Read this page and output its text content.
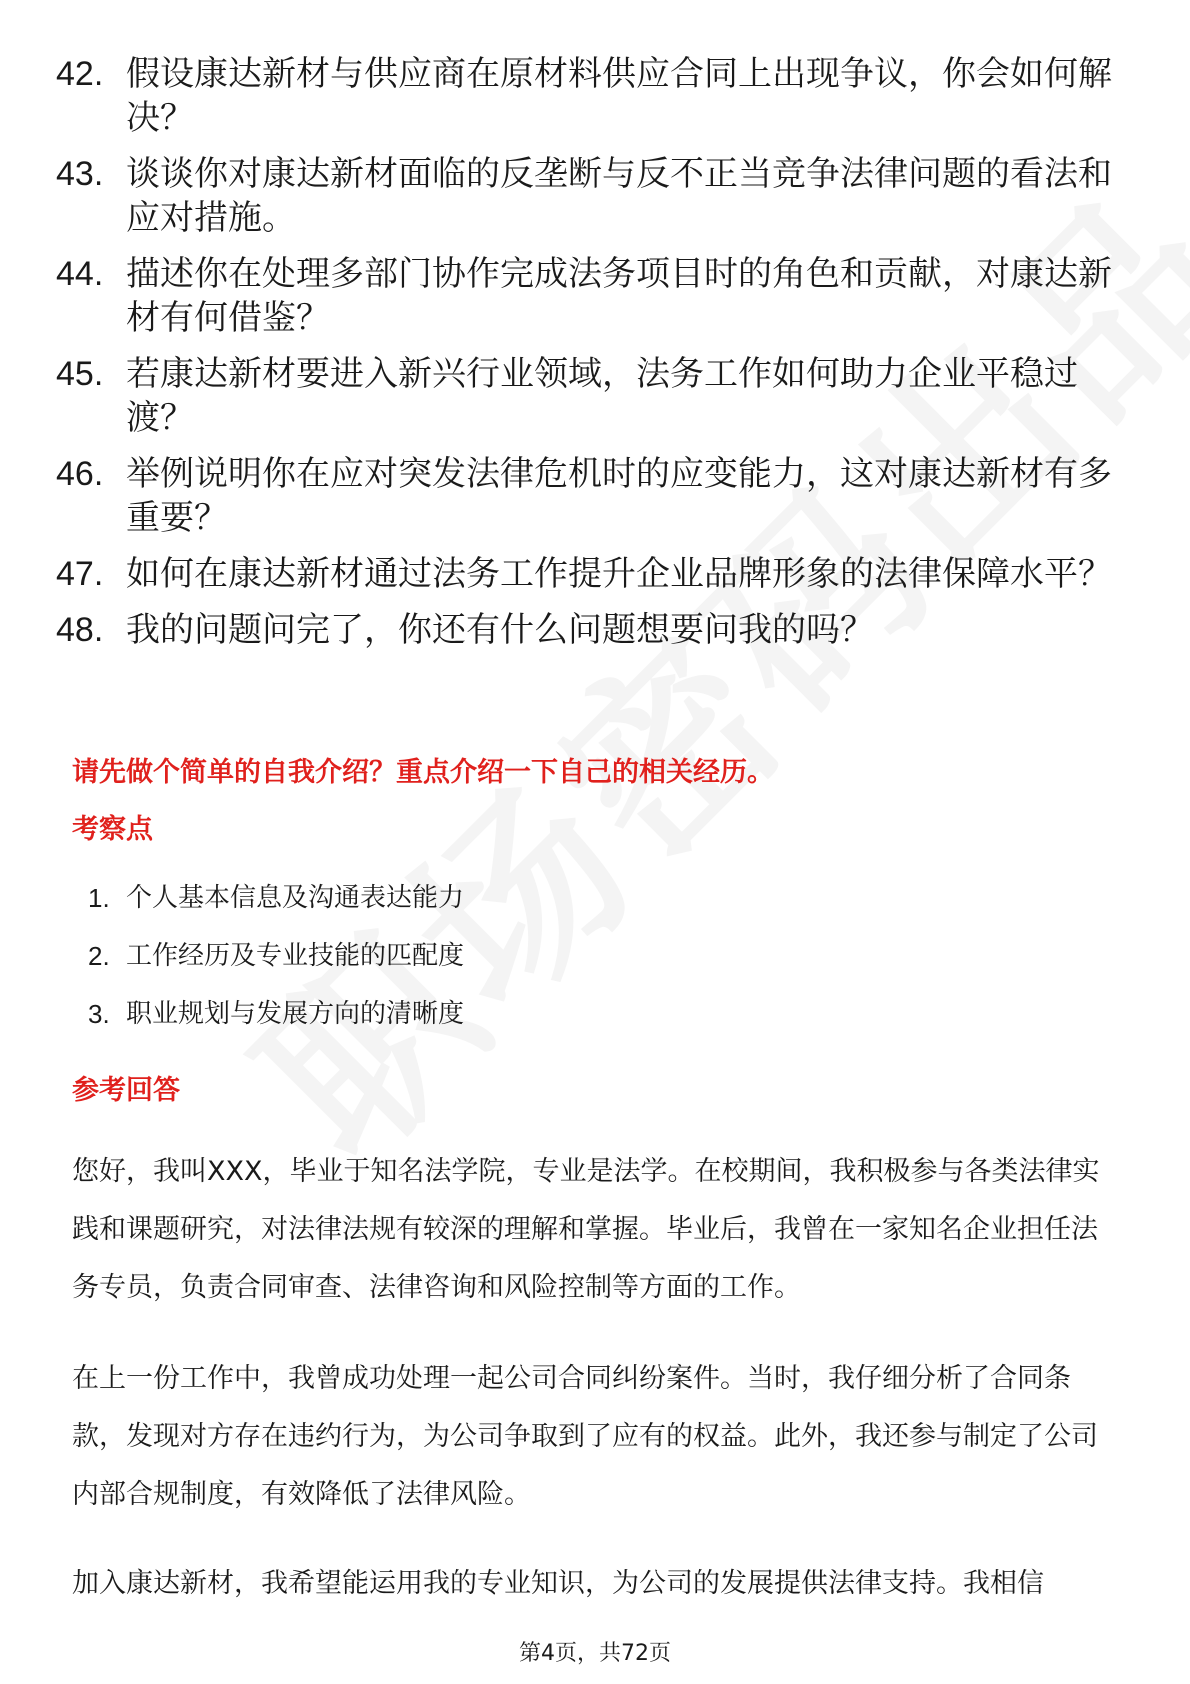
42. 假设康达新材与供应商在原材料供应合同上出现争议，你会如何解决？
43. 谈谈你对康达新材面临的反垄断与反不正当竞争法律问题的看法和应对措施。
44. 描述你在处理多部门协作完成法务项目时的角色和贡献，对康达新材有何借鉴？
45. 若康达新材要进入新兴行业领域，法务工作如何助力企业平稳过渡？
46. 举例说明你在应对突发法律危机时的应变能力，这对康达新材有多重要？
47. 如何在康达新材通过法务工作提升企业品牌形象的法律保障水平？
48. 我的问题问完了，你还有什么问题想要问我的吗？
请先做个简单的自我介绍？重点介绍一下自己的相关经历。
考察点
1. 个人基本信息及沟通表达能力
2. 工作经历及专业技能的匹配度
3. 职业规划与发展方向的清晰度
参考回答

您好，我叫XXX，毕业于知名法学院，专业是法学。在校期间，我积极参与各类法律实践和课题研究，对法律法规有较深的理解和掌握。毕业后，我曾在一家知名企业担任法务专员，负责合同审查、法律咨询和风险控制等方面的工作。

在上一份工作中，我曾成功处理一起公司合同纠纷案件。当时，我仔细分析了合同条款，发现对方存在违约行为，为公司争取到了应有的权益。此外，我还参与制定了公司内部合规制度，有效降低了法律风险。

加入康达新材，我希望能运用我的专业知识，为公司的发展提供法律支持。我相信

第4页，共72页
